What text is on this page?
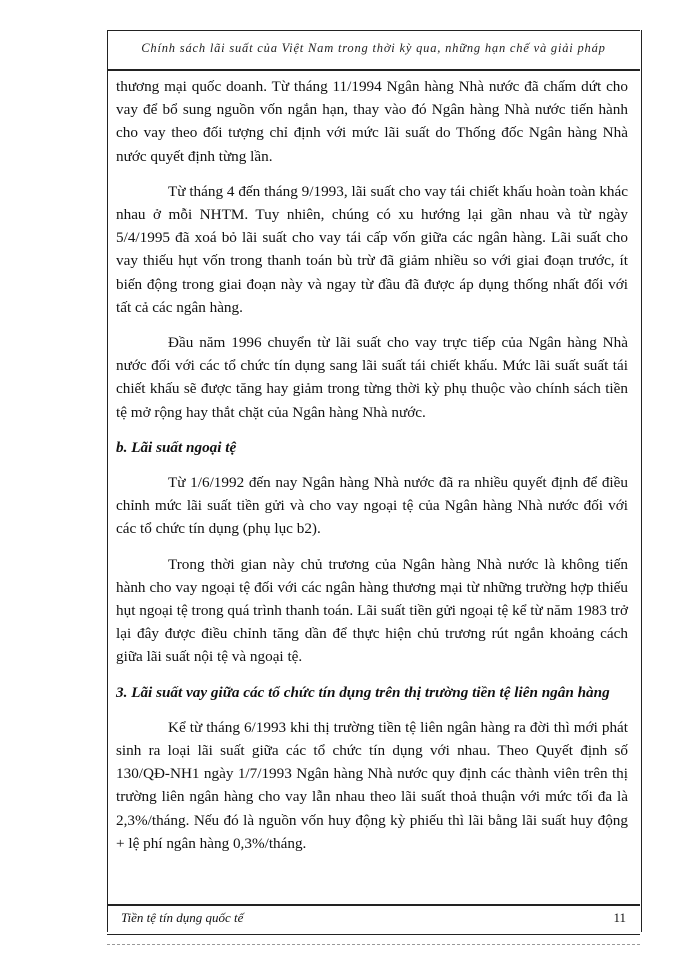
Chính sách lãi suất của Việt Nam trong thời kỳ qua, những hạn chế và giải pháp

thương mại quốc doanh. Từ tháng 11/1994 Ngân hàng Nhà nước đã chấm dứt cho vay để bổ sung nguồn vốn ngắn hạn, thay vào đó Ngân hàng Nhà nước tiến hành cho vay theo đối tượng chỉ định với mức lãi suất do Thống đốc Ngân hàng Nhà nước quyết định từng lần.

Từ tháng 4 đến tháng 9/1993, lãi suất cho vay tái chiết khấu hoàn toàn khác nhau ở mỗi NHTM. Tuy nhiên, chúng có xu hướng lại gần nhau và từ ngày 5/4/1995 đã xoá bỏ lãi suất cho vay tái cấp vốn giữa các ngân hàng. Lãi suất cho vay thiếu hụt vốn trong thanh toán bù trừ đã giảm nhiều so với giai đoạn trước, ít biến động trong giai đoạn này và ngay từ đầu đã được áp dụng thống nhất đối với tất cả các ngân hàng.

Đầu năm 1996 chuyển từ lãi suất cho vay trực tiếp của Ngân hàng Nhà nước đối với các tổ chức tín dụng sang lãi suất tái chiết khấu. Mức lãi suất suất tái chiết khấu sẽ được tăng hay giảm trong từng thời kỳ phụ thuộc vào chính sách tiền tệ mở rộng hay thắt chặt của Ngân hàng Nhà nước.

b. Lãi suất ngoại tệ

Từ 1/6/1992 đến nay Ngân hàng Nhà nước đã ra nhiều quyết định để điều chỉnh mức lãi suất tiền gửi và cho vay ngoại tệ của Ngân hàng Nhà nước đối với các tổ chức tín dụng (phụ lục b2).

Trong thời gian này chủ trương của Ngân hàng Nhà nước là không tiến hành cho vay ngoại tệ đối với các ngân hàng thương mại từ những trường hợp thiếu hụt ngoại tệ trong quá trình thanh toán. Lãi suất tiền gửi ngoại tệ kể từ năm 1983 trở lại đây được điều chỉnh tăng dần để thực hiện chủ trương rút ngắn khoảng cách giữa lãi suất nội tệ và ngoại tệ.

3. Lãi suất vay giữa các tổ chức tín dụng trên thị trường tiền tệ liên ngân hàng

Kể từ tháng 6/1993 khi thị trường tiền tệ liên ngân hàng ra đời thì mới phát sinh ra loại lãi suất giữa các tổ chức tín dụng với nhau. Theo Quyết định số 130/QĐ-NH1 ngày 1/7/1993 Ngân hàng Nhà nước quy định các thành viên trên thị trường liên ngân hàng cho vay lẫn nhau theo lãi suất thoả thuận với mức tối đa là 2,3%/tháng. Nếu đó là nguồn vốn huy động kỳ phiếu thì lãi bằng lãi suất huy động + lệ phí ngân hàng 0,3%/tháng.

Tiền tệ tín dụng quốc tế	11
